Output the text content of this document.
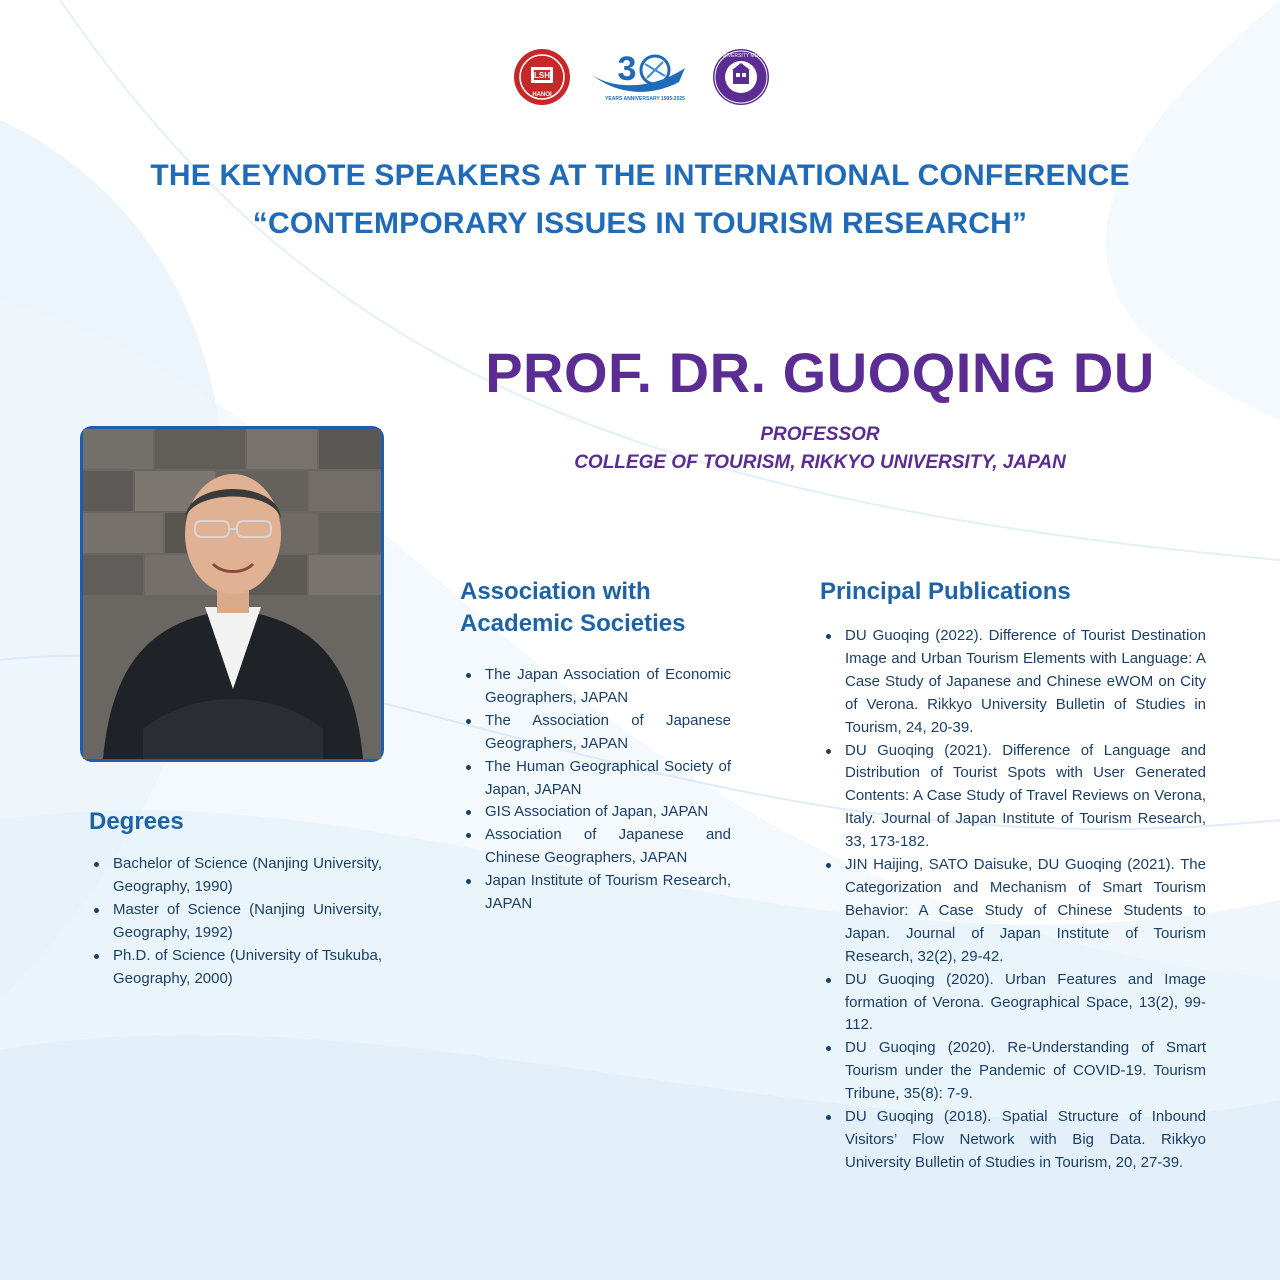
LSH
HANOI
3
YEARS ANNIVERSARY 1995-2025
RIKKYO UNIVERSITY MDCCCLXXIV
THE KEYNOTE SPEAKERS AT THE INTERNATIONAL CONFERENCE
“CONTEMPORARY ISSUES IN TOURISM RESEARCH”
PROF. DR. GUOQING DU
PROFESSOR
COLLEGE OF TOURISM, RIKKYO UNIVERSITY, JAPAN
Degrees
Bachelor of Science (Nanjing University, Geography, 1990)
Master of Science (Nanjing University, Geography, 1992)
Ph.D. of Science (University of Tsukuba, Geography, 2000)
Association with Academic Societies
The Japan Association of Economic Geographers, JAPAN
The Association of Japanese Geographers, JAPAN
The Human Geographical Society of Japan, JAPAN
GIS Association of Japan, JAPAN
Association of Japanese and Chinese Geographers, JAPAN
Japan Institute of Tourism Research, JAPAN
Principal Publications
DU Guoqing (2022). Difference of Tourist Destination Image and Urban Tourism Elements with Language: A Case Study of Japanese and Chinese eWOM on City of Verona. Rikkyo University Bulletin of Studies in Tourism, 24, 20-39.
DU Guoqing (2021). Difference of Language and Distribution of Tourist Spots with User Generated Contents: A Case Study of Travel Reviews on Verona, Italy. Journal of Japan Institute of Tourism Research, 33, 173-182.
JIN Haijing, SATO Daisuke, DU Guoqing (2021). The Categorization and Mechanism of Smart Tourism Behavior: A Case Study of Chinese Students to Japan. Journal of Japan Institute of Tourism Research, 32(2), 29-42.
DU Guoqing (2020). Urban Features and Image formation of Verona. Geographical Space, 13(2), 99-112.
DU Guoqing (2020). Re-Understanding of Smart Tourism under the Pandemic of COVID-19. Tourism Tribune, 35(8): 7-9.
DU Guoqing (2018). Spatial Structure of Inbound Visitors’ Flow Network with Big Data. Rikkyo University Bulletin of Studies in Tourism, 20, 27-39.
